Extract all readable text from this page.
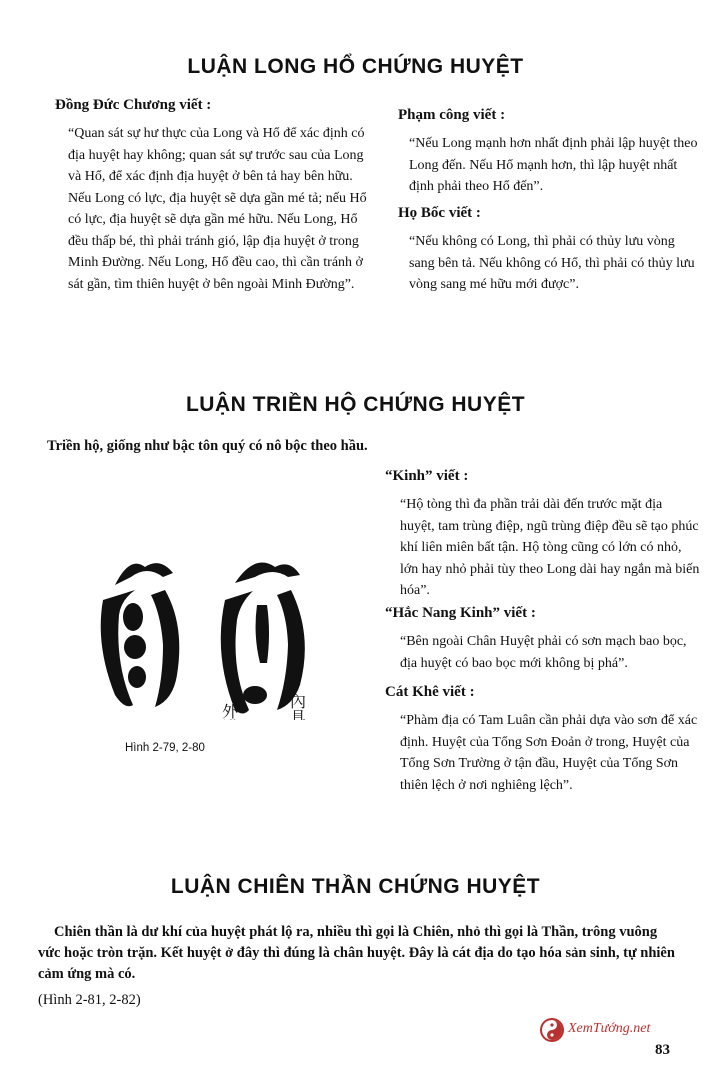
LUẬN LONG HỔ CHỨNG HUYỆT
Đồng Đức Chương viết :
“Quan sát sự hư thực của Long và Hổ để xác định có địa huyệt hay không; quan sát sự trước sau của Long và Hổ, để xác định địa huyệt ở bên tả hay bên hữu. Nếu Long có lực, địa huyệt sẽ dựa gần mé tả; nếu Hổ có lực, địa huyệt sẽ dựa gần mé hữu. Nếu Long, Hổ đều thấp bé, thì phải tránh gió, lập địa huyệt ở trong Minh Đường. Nếu Long, Hổ đều cao, thì cần tránh ở sát gần, tìm thiên huyệt ở bên ngoài Minh Đường”.
Phạm công viết :
“Nếu Long mạnh hơn nhất định phải lập huyệt theo Long đến. Nếu Hổ mạnh hơn, thì lập huyệt nhất định phải theo Hổ đến”.
Họ Bốc viết :
“Nếu không có Long, thì phải có thủy lưu vòng sang bên tả. Nếu không có Hổ, thì phải có thủy lưu vòng sang mé hữu mới được”.
LUẬN TRIỀN HỘ CHỨNG HUYỆT
Triền hộ, giống như bậc tôn quý có nô bộc theo hầu.
內具
外護
Hình 2-79, 2-80
“Kinh” viết :
“Hộ tòng thì đa phần trải dài đến trước mặt địa huyệt, tam trùng điệp, ngũ trùng điệp đều sẽ tạo phúc khí liên miên bất tận. Hộ tòng cũng có lớn có nhỏ, lớn hay nhỏ phải tùy theo Long dài hay ngắn mà biến hóa”.
“Hắc Nang Kinh” viết :
“Bên ngoài Chân Huyệt phải có sơn mạch bao bọc, địa huyệt có bao bọc mới không bị phá”.
Cát Khê viết :
“Phàm địa có Tam Luân cần phải dựa vào sơn để xác định. Huyệt của Tổng Sơn Đoản ở trong, Huyệt của Tổng Sơn Trường ở tận đầu, Huyệt của Tổng Sơn thiên lệch ở nơi nghiêng lệch”.
LUẬN CHIÊN THẦN CHỨNG HUYỆT
Chiên thần là dư khí của huyệt phát lộ ra, nhiều thì gọi là Chiên, nhỏ thì gọi là Thần, trông vuông vức hoặc tròn trặn. Kết huyệt ở đây thì đúng là chân huyệt. Đây là cát địa do tạo hóa sản sinh, tự nhiên cảm ứng mà có.
(Hình 2-81, 2-82)
XemTướng.net
83
